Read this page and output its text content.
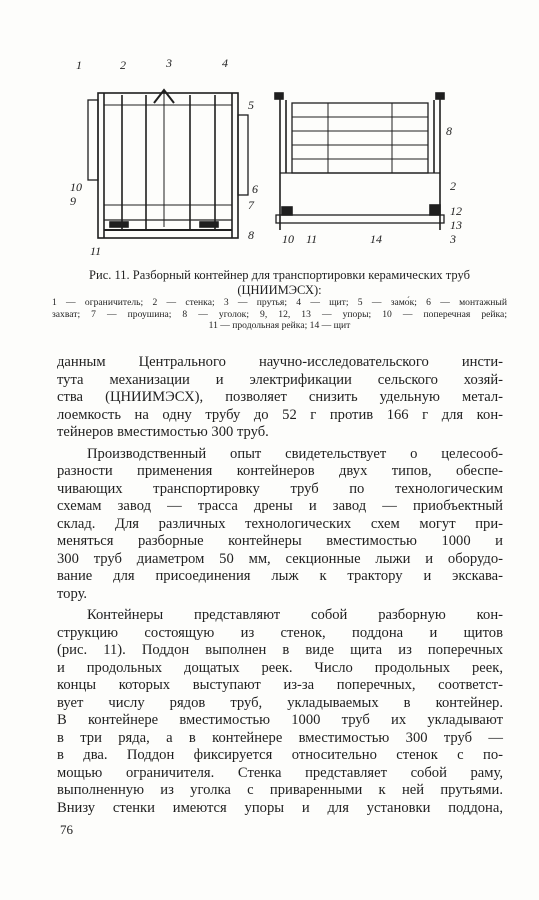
1	2	3	4
5
6
7
8
9
10
11
2
3
8
10 11
12
13
14
Рис. 11. Разборный контейнер для транспортировки керамических труб (ЦНИИМЭСХ):
1 — ограничитель; 2 — стенка; 3 — прутья; 4 — щит; 5 — замо́к; 6 — монтажный
захват; 7 — проушина; 8 — уголок; 9, 12, 13 — упоры; 10 — поперечная рейка;
11 — продольная рейка; 14 — щит
данным Центрального научно-исследовательского инсти-
тута механизации и электрификации сельского хозяй-
ства (ЦНИИМЭСХ), позволяет снизить удельную метал-
лоемкость на одну трубу до 52 г против 166 г для кон-
тейнеров вместимостью 300 труб.
Производственный опыт свидетельствует о целесооб-
разности применения контейнеров двух типов, обеспе-
чивающих транспортировку труб по технологическим
схемам завод — трасса дрены и завод — приобъектный
склад. Для различных технологических схем могут при-
меняться разборные контейнеры вместимостью 1000 и
300 труб диаметром 50 мм, секционные лыжи и оборудо-
вание для присоединения лыж к трактору и экскава-
тору.
Контейнеры представляют собой разборную кон-
струкцию состоящую из стенок, поддона и щитов
(рис. 11). Поддон выполнен в виде щита из поперечных
и продольных дощатых реек. Число продольных реек,
концы которых выступают из-за поперечных, соответст-
вует числу рядов труб, укладываемых в контейнер.
В контейнере вместимостью 1000 труб их укладывают
в три ряда, а в контейнере вместимостью 300 труб —
в два. Поддон фиксируется относительно стенок с по-
мощью ограничителя. Стенка представляет собой раму,
выполненную из уголка с приваренными к ней прутьями.
Внизу стенки имеются упоры и для установки поддона,
76
